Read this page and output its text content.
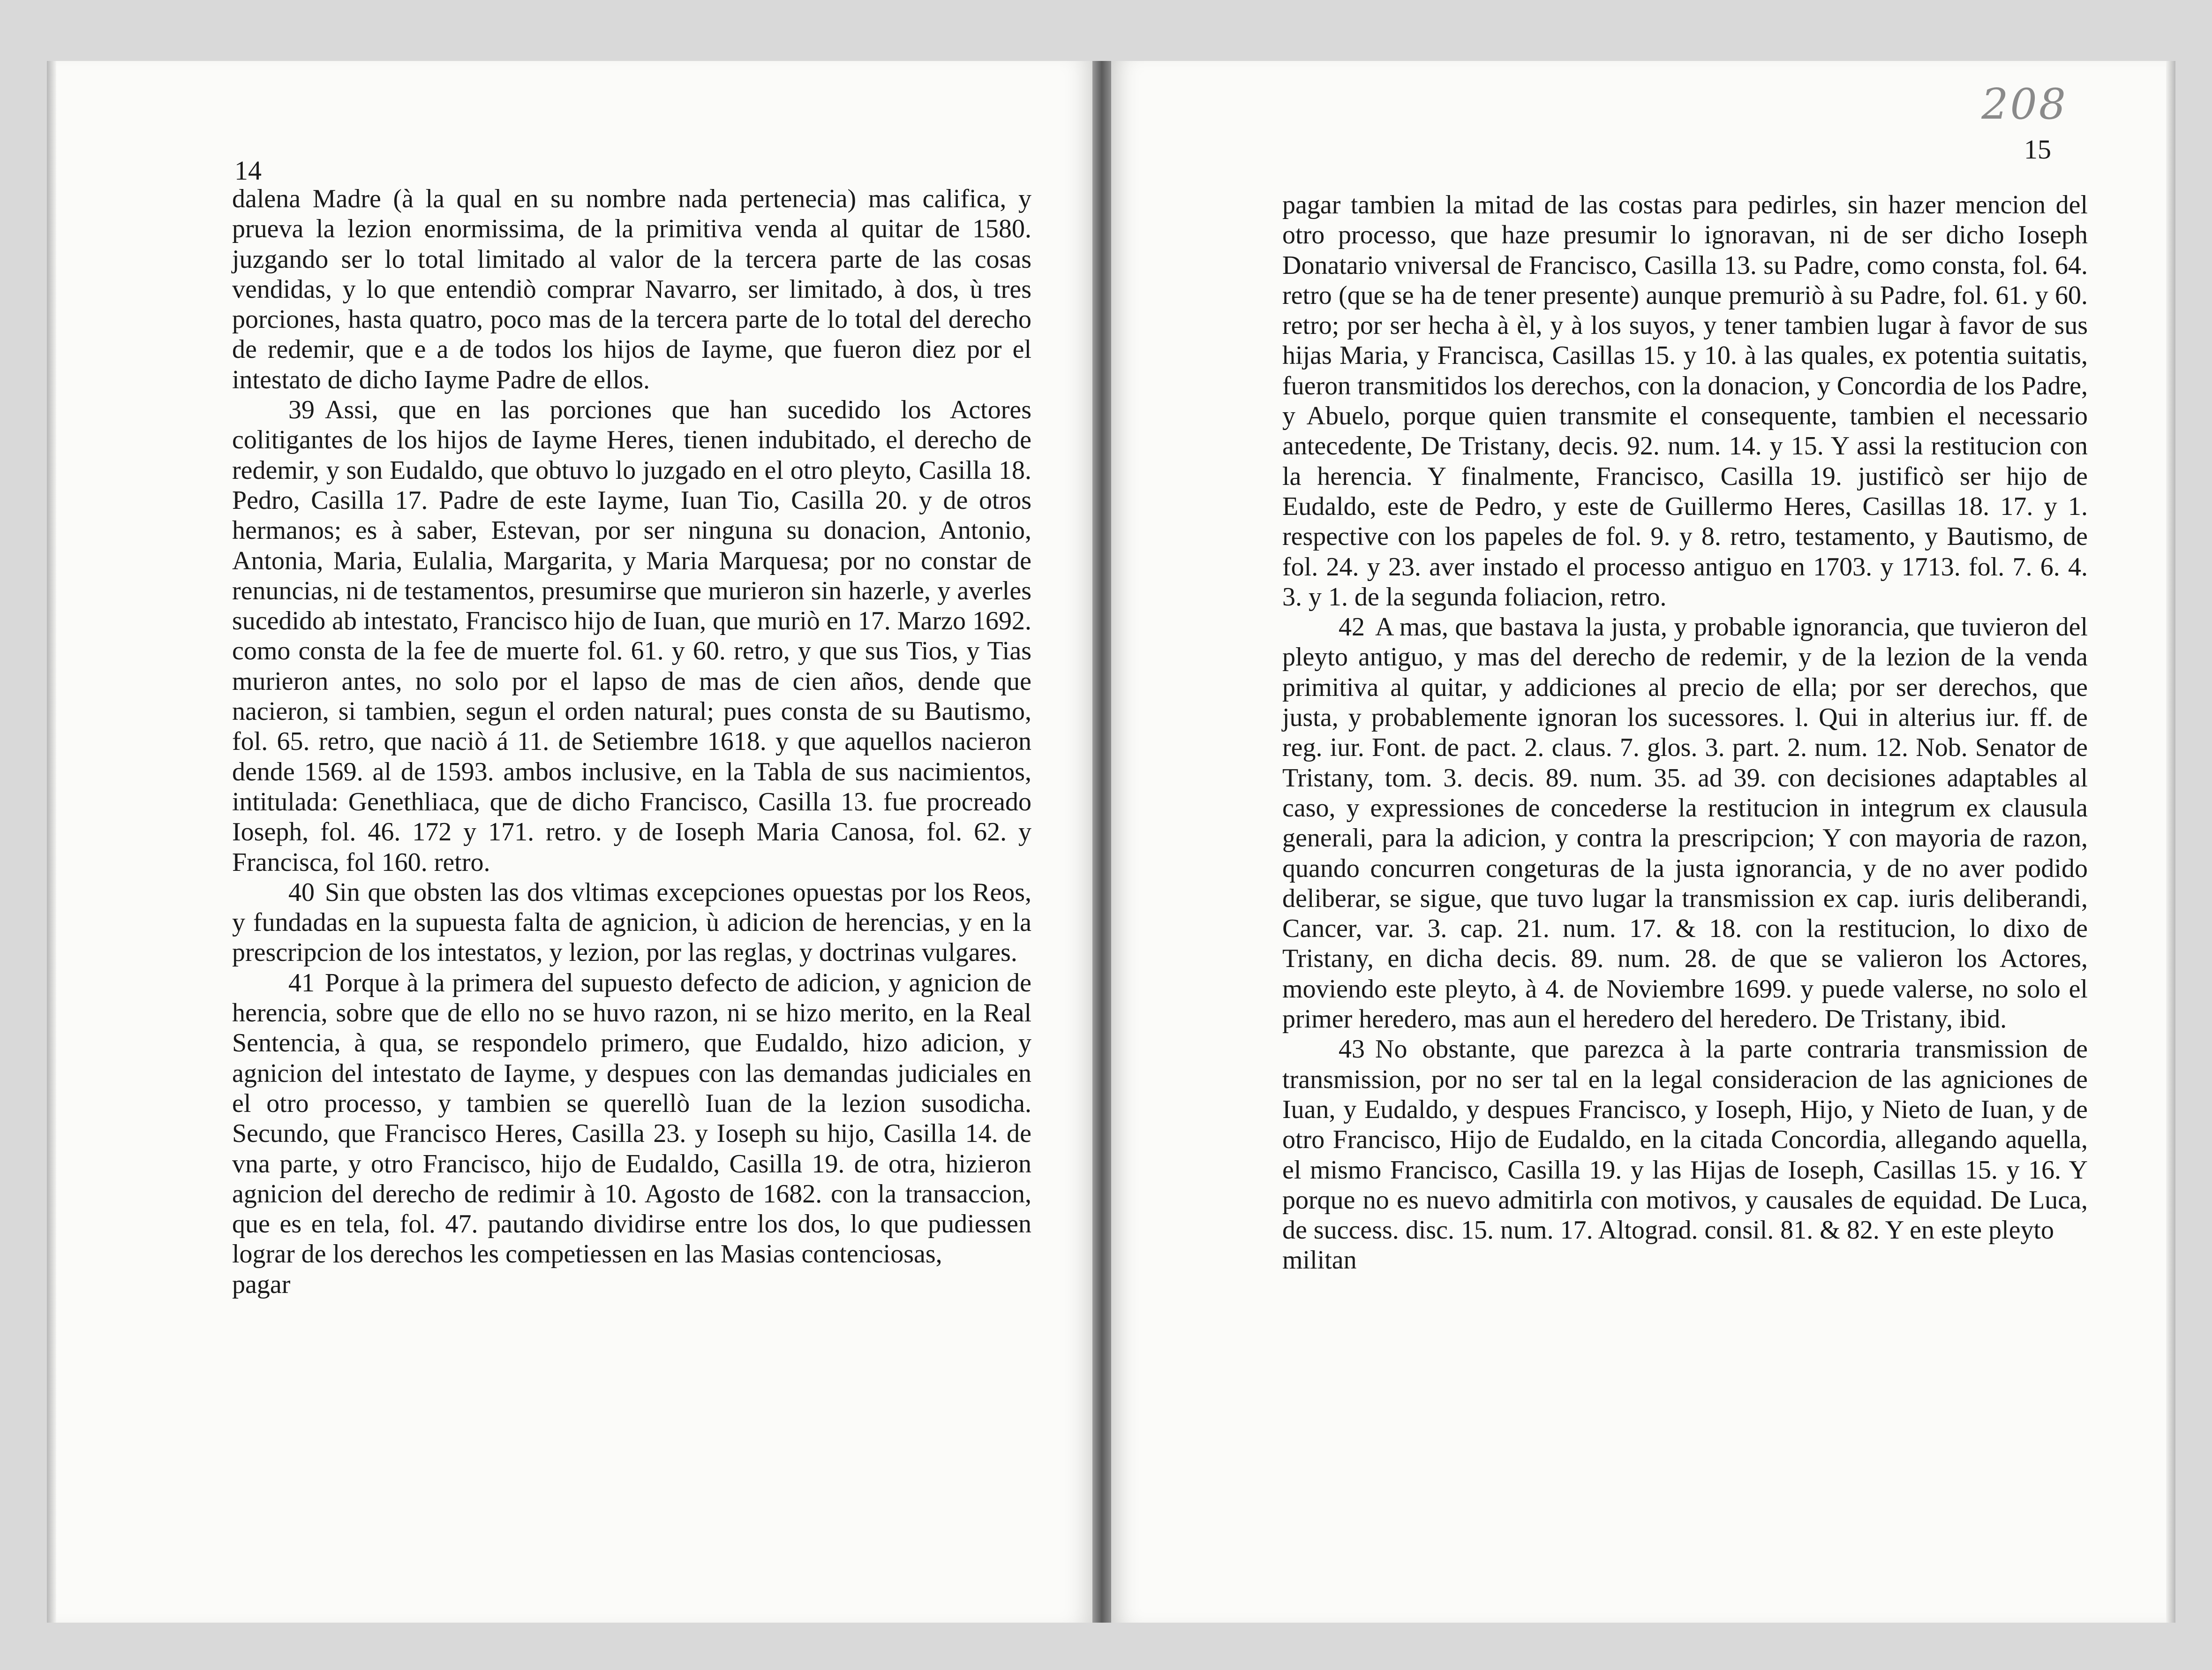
14

dalena Madre (à la qual en su nombre nada pertenecia) mas califica, y prueva la lezion enormissima, de la primitiva venda al quitar de 1580. juzgando ser lo total limitado al valor de la tercera parte de las cosas vendidas, y lo que entendiò comprar Navarro, ser limitado, à dos, ù tres porciones, hasta quatro, poco mas de la tercera parte de lo total del derecho de redemir, que e a de todos los hijos de Iayme, que fueron diez por el intestato de dicho Iayme Padre de ellos.

39 Assi, que en las porciones que han sucedido los Actores colitigantes de los hijos de Iayme Heres, tienen indubitado, el derecho de redemir, y son Eudaldo, que obtuvo lo juzgado en el otro pleyto, Casilla 18. Pedro, Casilla 17. Padre de este Iayme, Iuan Tio, Casilla 20. y de otros hermanos; es à saber, Estevan, por ser ninguna su donacion, Antonio, Antonia, Maria, Eulalia, Margarita, y Maria Marquesa; por no constar de renuncias, ni de testamentos, presumirse que murieron sin hazerle, y averles sucedido ab intestato, Francisco hijo de Iuan, que muriò en 17. Marzo 1692. como consta de la fee de muerte fol. 61. y 60. retro, y que sus Tios, y Tias murieron antes, no solo por el lapso de mas de cien años, dende que nacieron, si tambien, segun el orden natural; pues consta de su Bautismo, fol. 65. retro, que naciò á 11. de Setiembre 1618. y que aquellos nacieron dende 1569. al de 1593. ambos inclusive, en la Tabla de sus nacimientos, intitulada: Genethliaca, que de dicho Francisco, Casilla 13. fue procreado Ioseph, fol. 46. 172 y 171. retro. y de Ioseph Maria Canosa, fol. 62. y Francisca, fol 160. retro.

40 Sin que obsten las dos vltimas excepciones opuestas por los Reos, y fundadas en la supuesta falta de agnicion, ù adicion de herencias, y en la prescripcion de los intestatos, y lezion, por las reglas, y doctrinas vulgares.

41 Porque à la primera del supuesto defecto de adicion, y agnicion de herencia, sobre que de ello no se huvo razon, ni se hizo merito, en la Real Sentencia, à qua, se respondelo primero, que Eudaldo, hizo adicion, y agnicion del intestato de Iayme, y despues con las demandas judiciales en el otro processo, y tambien se querellò Iuan de la lezion susodicha. Secundo, que Francisco Heres, Casilla 23. y Ioseph su hijo, Casilla 14. de vna parte, y otro Francisco, hijo de Eudaldo, Casilla 19. de otra, hizieron agnicion del derecho de redimir à 10. Agosto de 1682. con la transaccion, que es en tela, fol. 47. pautando dividirse entre los dos, lo que pudiessen lograr de los derechos les competiessen en las Masias contenciosas,

pagar

208
15

pagar tambien la mitad de las costas para pedirles, sin hazer mencion del otro processo, que haze presumir lo ignoravan, ni de ser dicho Ioseph Donatario vniversal de Francisco, Casilla 13. su Padre, como consta, fol. 64. retro (que se ha de tener presente) aunque premuriò à su Padre, fol. 61. y 60. retro; por ser hecha à èl, y à los suyos, y tener tambien lugar à favor de sus hijas Maria, y Francisca, Casillas 15. y 10. à las quales, ex potentia suitatis, fueron transmitidos los derechos, con la donacion, y Concordia de los Padre, y Abuelo, porque quien transmite el consequente, tambien el necessario antecedente, De Tristany, decis. 92. num. 14. y 15. Y assi la restitucion con la herencia. Y finalmente, Francisco, Casilla 19. justificò ser hijo de Eudaldo, este de Pedro, y este de Guillermo Heres, Casillas 18. 17. y 1. respective con los papeles de fol. 9. y 8. retro, testamento, y Bautismo, de fol. 24. y 23. aver instado el processo antiguo en 1703. y 1713. fol. 7. 6. 4. 3. y 1. de la segunda foliacion, retro.

42 A mas, que bastava la justa, y probable ignorancia, que tuvieron del pleyto antiguo, y mas del derecho de redemir, y de la lezion de la venda primitiva al quitar, y addiciones al precio de ella; por ser derechos, que justa, y probablemente ignoran los sucessores. l. Qui in alterius iur. ff. de reg. iur. Font. de pact. 2. claus. 7. glos. 3. part. 2. num. 12. Nob. Senator de Tristany, tom. 3. decis. 89. num. 35. ad 39. con decisiones adaptables al caso, y expressiones de concederse la restitucion in integrum ex clausula generali, para la adicion, y contra la prescripcion; Y con mayoria de razon, quando concurren congeturas de la justa ignorancia, y de no aver podido deliberar, se sigue, que tuvo lugar la transmission ex cap. iuris deliberandi, Cancer, var. 3. cap. 21. num. 17. & 18. con la restitucion, lo dixo de Tristany, en dicha decis. 89. num. 28. de que se valieron los Actores, moviendo este pleyto, à 4. de Noviembre 1699. y puede valerse, no solo el primer heredero, mas aun el heredero del heredero. De Tristany, ibid.

43 No obstante, que parezca à la parte contraria transmission de transmission, por no ser tal en la legal consideracion de las agniciones de Iuan, y Eudaldo, y despues Francisco, y Ioseph, Hijo, y Nieto de Iuan, y de otro Francisco, Hijo de Eudaldo, en la citada Concordia, allegando aquella, el mismo Francisco, Casilla 19. y las Hijas de Ioseph, Casillas 15. y 16. Y porque no es nuevo admitirla con motivos, y causales de equidad. De Luca, de success. disc. 15. num. 17. Altograd. consil. 81. & 82. Y en este pleyto

militan
